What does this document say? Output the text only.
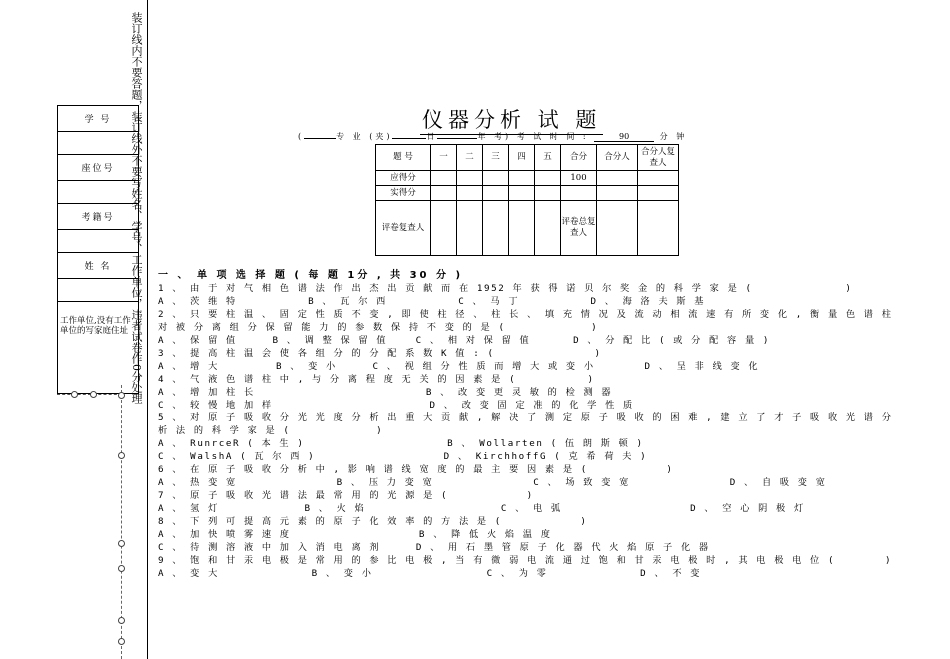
学 号

座位号

考籍号

姓 名

工作单位,没有工作单位的写家庭住址 装订线内不要答题，装订线外不要写姓名、学号、工作单位，违者试卷作0分处理	仪器分析 试 题
(	专 业 (夹)	日	年 考) 考 试 时 间 :	90	分 钟
题 号	一	二	三	四	五	合分	合分人	合分人复查人
应得分						100		
实得分								
评卷复查人						评卷总复查人		
一 、 单 项 选 择 题 ( 每 题 1分 , 共 30 分 )
1 、 由 于 对 气 相 色 谱 法 作 出 杰 出 贡 献 而 在 1952 年 获 得 诺 贝 尔 奖 金 的 科 学 家 是 (             )
A 、 茨 维 特          B 、 瓦 尔 西          C 、 马 丁          D 、 海 洛 夫 斯 基
2 、 只 要 柱 温 、 固 定 性 质 不 变 , 即 使 柱 径 、 柱 长 、 填 充 情 况 及 流 动 相 流 速 有 所 变 化 , 衡 量 色 谱 柱
对 被 分 离 组 分 保 留 能 力 的 参 数 保 持 不 变 的 是 (            )
A 、 保 留 值     B 、 调 整 保 留 值    C 、 相 对 保 留 值      D 、 分 配 比 ( 或 分 配 容 量 )
3 、 提 高 柱 温 会 使 各 组 分 的 分 配 系 数 K 值 : (              )
A 、 增 大        B 、 变 小     C 、 视 组 分 性 质 而 增 大 或 变 小       D 、 呈 非 线 变 化
4 、 气 液 色 谱 柱 中 , 与 分 离 程 度 无 关 的 因 素 是 (          )
A 、 增 加 柱 长                        B 、 改 变 更 灵 敏 的 检 测 器
C 、 较 慢 地 加 样                      D 、 改 变 固 定 准 的 化 学 性 质
5 、 对 原 子 吸 收 分 光 光 度 分 析 出 重 大 贡 献 , 解 决 了 测 定 原 子 吸 收 的 困 难 , 建 立 了 才 子 吸 收 光 谱 分
析 法 的 科 学 家 是 (            )
A 、 RunrceR ( 本 生 )                    B 、 Wollarten ( 伍 朗 斯 顿 )
C 、 WalshA ( 瓦 尔 西 )                  D 、 KirchhoffG ( 克 希 荷 夫 )
6 、 在 原 子 吸 收 分 析 中 , 影 响 谱 线 宽 度 的 最 主 要 因 素 是 (           )
A 、 热 变 宽              B 、 压 力 变 宽              C 、 场 致 变 宽              D 、 自 吸 变 宽
7 、 原 子 吸 收 光 谱 法 最 常 用 的 光 源 是 (           )
A 、 氢 灯            B 、 火 焰                   C 、 电 弧                  D 、 空 心 阴 极 灯
8 、 下 列 可 提 高 元 素 的 原 子 化 效 率 的 方 法 是 (           )
A 、 加 快 喷 雾 速 度                  B 、 降 低 火 焰 温 度
C 、 待 测 溶 液 中 加 入 消 电 离 剂     D 、 用 石 墨 管 原 子 化 器 代 火 焰 原 子 化 器
9 、 饱 和 甘 汞 电 极 是 常 用 的 参 比 电 极 , 当 有 微 弱 电 流 通 过 饱 和 甘 汞 电 极 时 , 其 电 极 电 位 (       )
A 、 变 大             B 、 变 小                C 、 为 零             D 、 不 变
